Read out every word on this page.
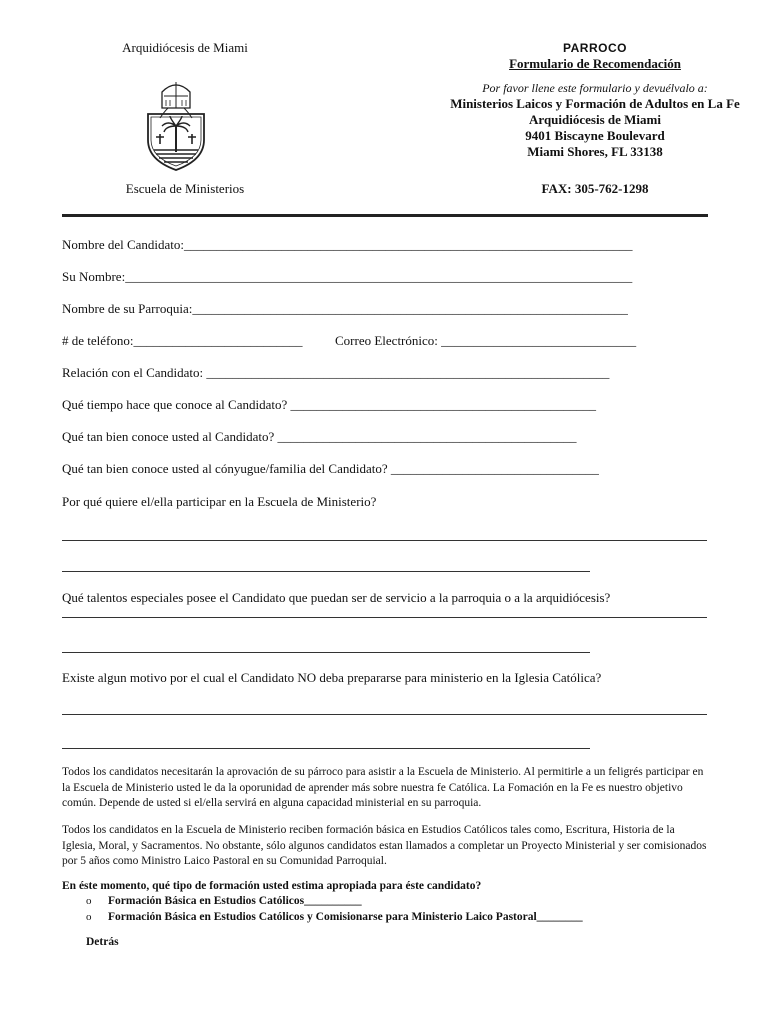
Arquidiócesis de Miami
Escuela de Ministerios
PARROCO
Formulario de Recomendación
Por favor llene este formulario y devuélvalo a:
Ministerios Laicos y Formación de Adultos en La Fe
Arquidiócesis de Miami
9401 Biscayne Boulevard
Miami Shores, FL 33138
FAX: 305-762-1298
Nombre del Candidato:_____________________________________________________________________
Su Nombre:______________________________________________________________________________
Nombre de su Parroquia:___________________________________________________________________
# de teléfono:__________________________	Correo Electrónico: ______________________________
Relación con el Candidato: ______________________________________________________________
Qué tiempo hace que conoce al Candidato? _______________________________________________
Qué tan bien conoce usted al Candidato? ______________________________________________
Qué tan bien conoce usted al cónyugue/familia del Candidato? ________________________________
Por qué quiere el/ella participar en la Escuela de Ministerio?
Qué talentos especiales posee el Candidato que puedan ser de servicio a la parroquia o a la arquidiócesis?
Existe algun motivo por el cual el Candidato NO deba prepararse para ministerio en la Iglesia Católica?
Todos los candidatos necesitarán la aprovación de su párroco para asistir a la Escuela de Ministerio. Al permitirle a un feligrés participar en la Escuela de Ministerio usted le da la oporunidad de aprender más sobre nuestra fe Católica. La Fomación en la Fe es nuestro objetivo común. Depende de usted si el/ella servirá en alguna capacidad ministerial en su parroquia.
Todos los candidatos en la Escuela de Ministerio reciben formación básica en Estudios Católicos tales como, Escritura, Historia de la Iglesia, Moral, y Sacramentos. No obstante, sólo algunos candidatos estan llamados a completar un Proyecto Ministerial y ser comisionados por 5 años como Ministro Laico Pastoral en su Comunidad Parroquial.
En éste momento, qué tipo de formación usted estima apropiada para éste candidato?
o Formación Básica en Estudios Católicos__________
o Formación Básica en Estudios Católicos y Comisionarse para Ministerio Laico Pastoral________
Detrás
